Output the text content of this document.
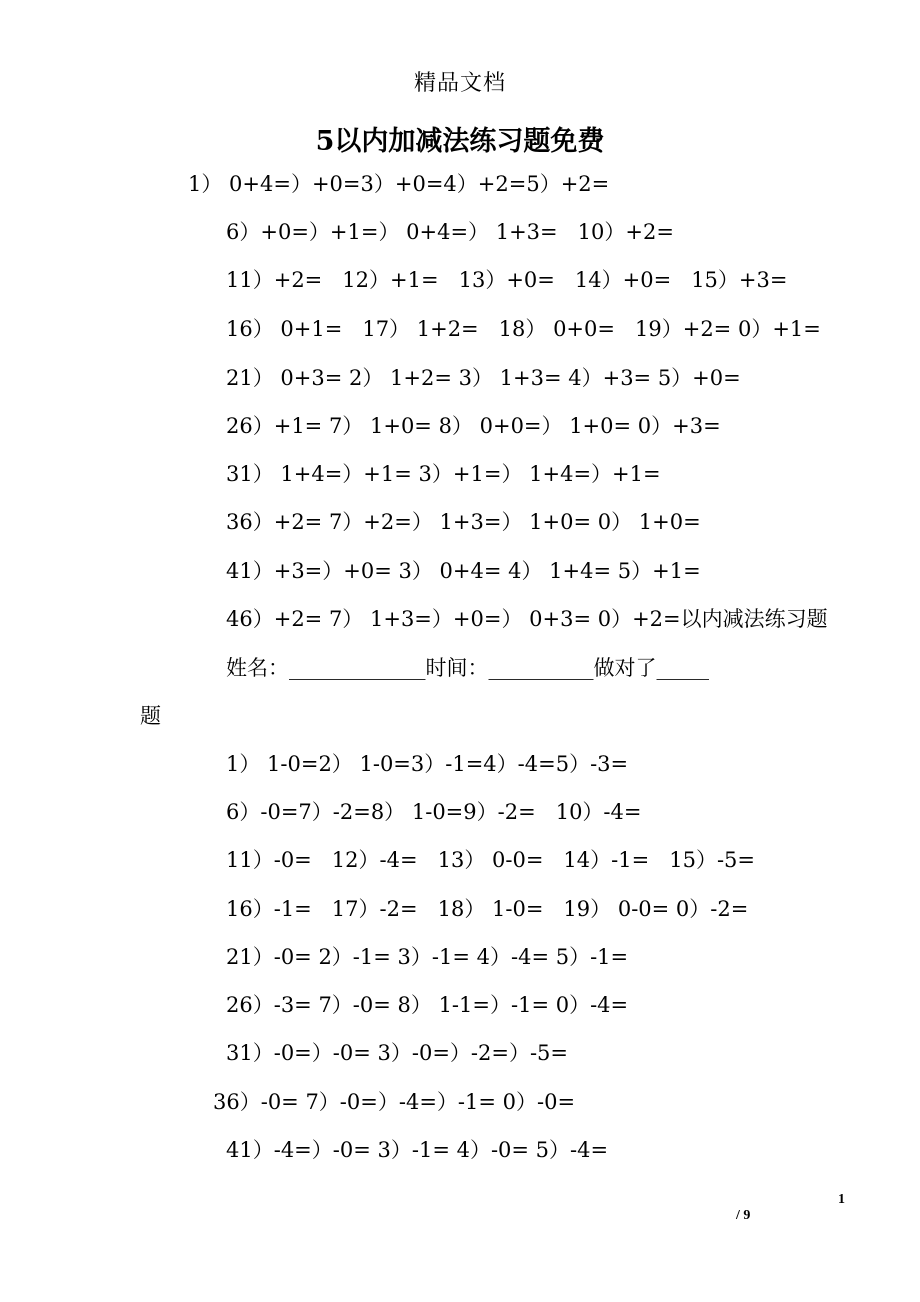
精品文档
5以内加减法练习题免费
1） 0+4=）+0=3）+0=4）+2=5）+2=
6）+0=）+1=） 0+4=） 1+3=   10）+2=
11）+2=   12）+1=   13）+0=   14）+0=   15）+3=
16） 0+1=   17） 1+2=   18） 0+0=   19）+2= 0）+1=
21） 0+3= 2） 1+2= 3） 1+3= 4）+3= 5）+0=
26）+1= 7） 1+0= 8） 0+0=） 1+0= 0）+3=
31） 1+4=）+1= 3）+1=） 1+4=）+1=
36）+2= 7）+2=） 1+3=） 1+0= 0） 1+0=
41）+3=）+0= 3） 0+4= 4） 1+4= 5）+1=
46）+2= 7） 1+3=）+0=） 0+3= 0）+2=以内减法练习题
姓名：_____________时间：__________做对了_____
题
1） 1-0=2） 1-0=3）-1=4）-4=5）-3=
6）-0=7）-2=8） 1-0=9）-2=   10）-4=
11）-0=   12）-4=   13） 0-0=   14）-1=   15）-5=
16）-1=   17）-2=   18） 1-0=   19） 0-0= 0）-2=
21）-0= 2）-1= 3）-1= 4）-4= 5）-1=
26）-3= 7）-0= 8） 1-1=）-1= 0）-4=
31）-0=）-0= 3）-0=）-2=）-5=
36）-0= 7）-0=）-4=）-1= 0）-0=
41）-4=）-0= 3）-1= 4）-0= 5）-4=
1
/ 9
